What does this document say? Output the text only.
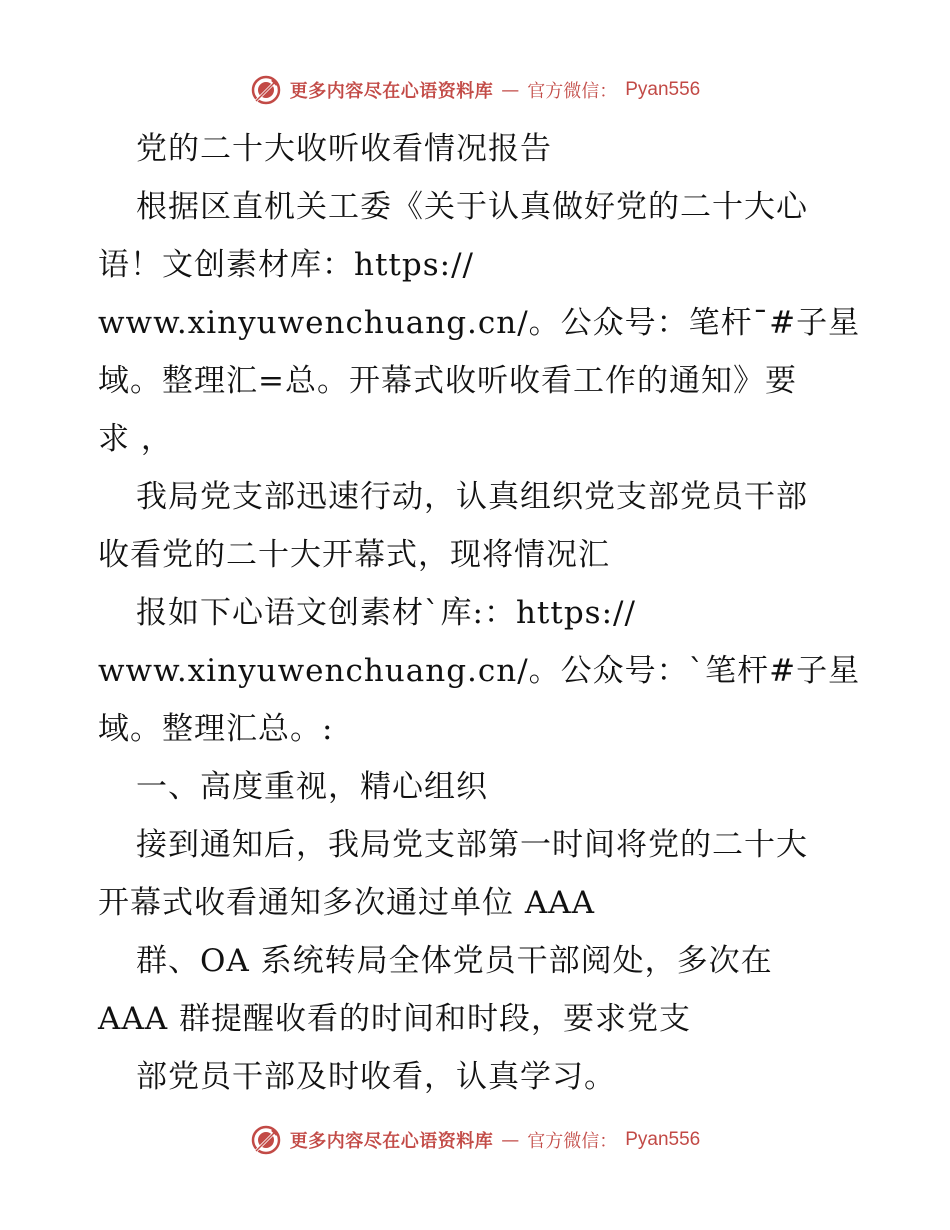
更多内容尽在心语资料库 — 官方微信： Pyan556
党的二十大收听收看情况报告
根据区直机关工委《关于认真做好党的二十大心
语！文创素材库：https://
www.xinyuwenchuang.cn/。公众号：笔杆¯#子星
域。整理汇=总。开幕式收听收看工作的通知》要
求 ，
我局党支部迅速行动，认真组织党支部党员干部
收看党的二十大开幕式，现将情况汇
报如下心语文创素材`库:：https://
www.xinyuwenchuang.cn/。公众号：`笔杆#子星
域。整理汇总。:
一、高度重视，精心组织
接到通知后，我局党支部第一时间将党的二十大
开幕式收看通知多次通过单位 AAA
群、OA 系统转局全体党员干部阅处，多次在
AAA 群提醒收看的时间和时段，要求党支
部党员干部及时收看，认真学习。
更多内容尽在心语资料库 — 官方微信： Pyan556
